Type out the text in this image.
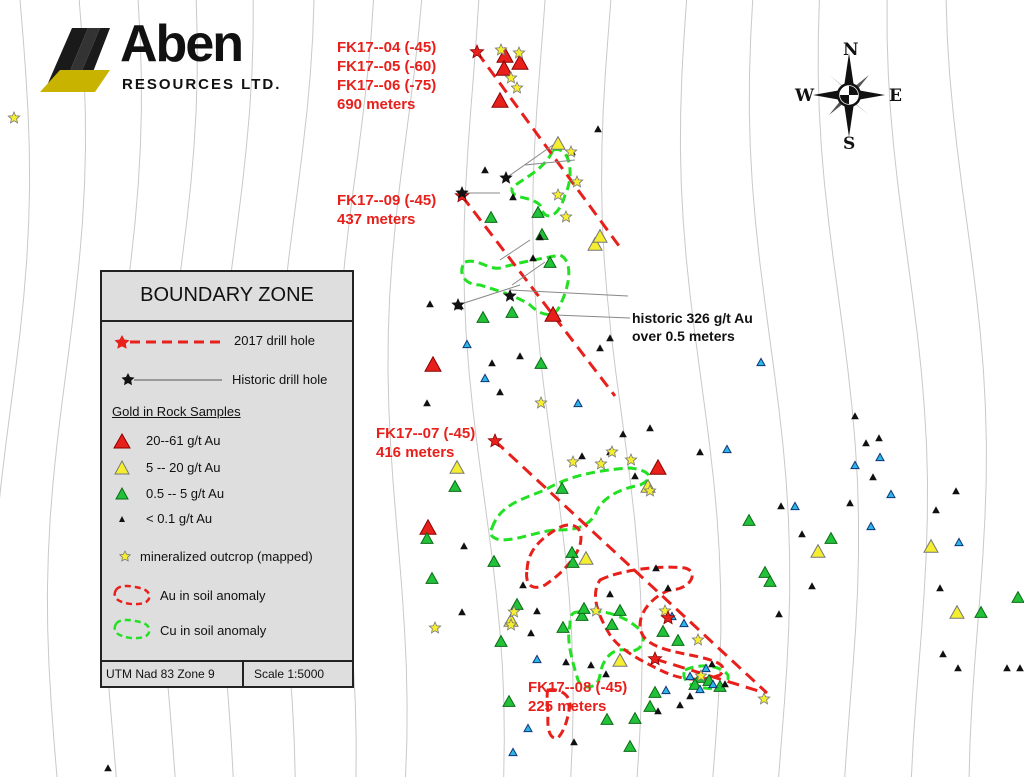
Aben
RESOURCES LTD.
N
S
E
W
FK17--04 (-45)
FK17--05 (-60)
FK17--06 (-75)
690 meters
FK17--09 (-45)
437 meters
FK17--07 (-45)
416 meters
FK17--08 (-45)
225 meters
historic 326 g/t Au
over 0.5 meters
BOUNDARY ZONE
2017 drill hole
Historic drill hole
Gold in Rock Samples
20--61 g/t Au
5 -- 20 g/t Au
0.5 -- 5 g/t Au
< 0.1 g/t Au
mineralized outcrop (mapped)
Au in soil anomaly
Cu in soil anomaly
UTM Nad 83 Zone 9	Scale 1:5000
